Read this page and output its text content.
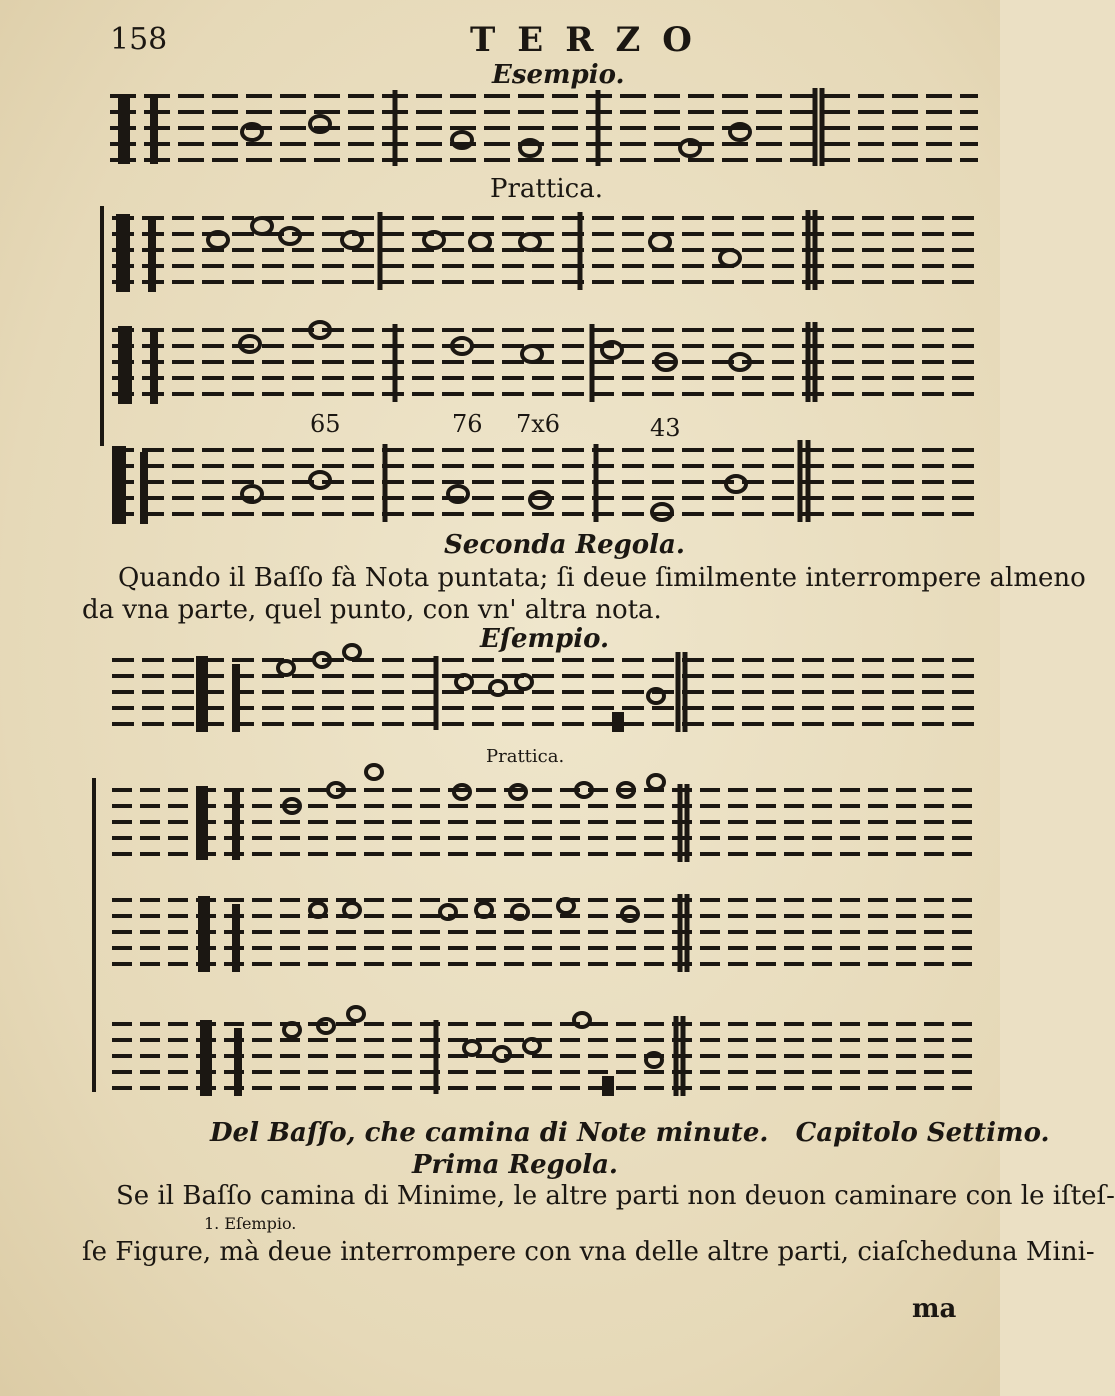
158	TERZO
Esempio.
Prattica.
65	76 7x6	43
Seconda Regola.
Quando il Baſſo fà Nota puntata; ſi deue ſimilmente interrompere almeno
da vna parte, quel punto, con vn' altra nota.
Eſempio.
Prattica.
Del Baſſo, che camina di Note minute.   Capitolo Settimo.
Prima Regola.
Se il Baſſo camina di Minime, le altre parti non deuon caminare con le iſteſ-
1. Eſempio.
ſe Figure, mà deue interrompere con vna delle altre parti, ciaſcheduna Mini-
ma
